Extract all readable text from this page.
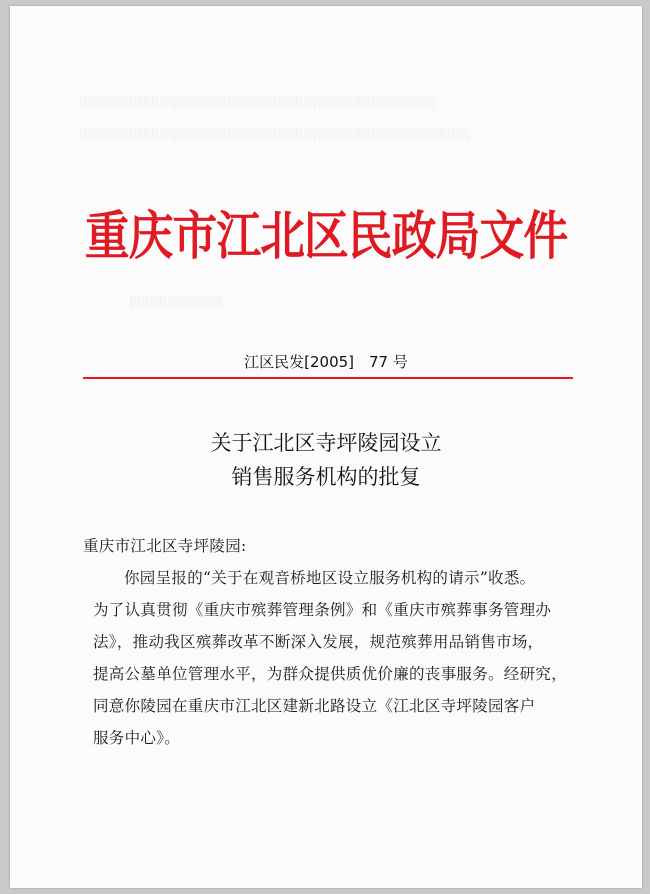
░░░░░░░░░░░░░░░░░░░░░░░░░░░░░░░░░░░░░░░░░░
░░░░░░░░░░░░░░░░░░░░░░░░░░░░░░░░░░░░░░░░░░░░░░
░░░░░░░░░░░
重庆市江北区民政局文件
江区民发[2005]　77 号
关于江北区寺坪陵园设立
销售服务机构的批复
重庆市江北区寺坪陵园:
你园呈报的“关于在观音桥地区设立服务机构的请示”收悉。
为了认真贯彻《重庆市殡葬管理条例》和《重庆市殡葬事务管理办
法》，推动我区殡葬改革不断深入发展，规范殡葬用品销售市场，
提高公墓单位管理水平，为群众提供质优价廉的丧事服务。经研究，
同意你陵园在重庆市江北区建新北路设立《江北区寺坪陵园客户
服务中心》。
